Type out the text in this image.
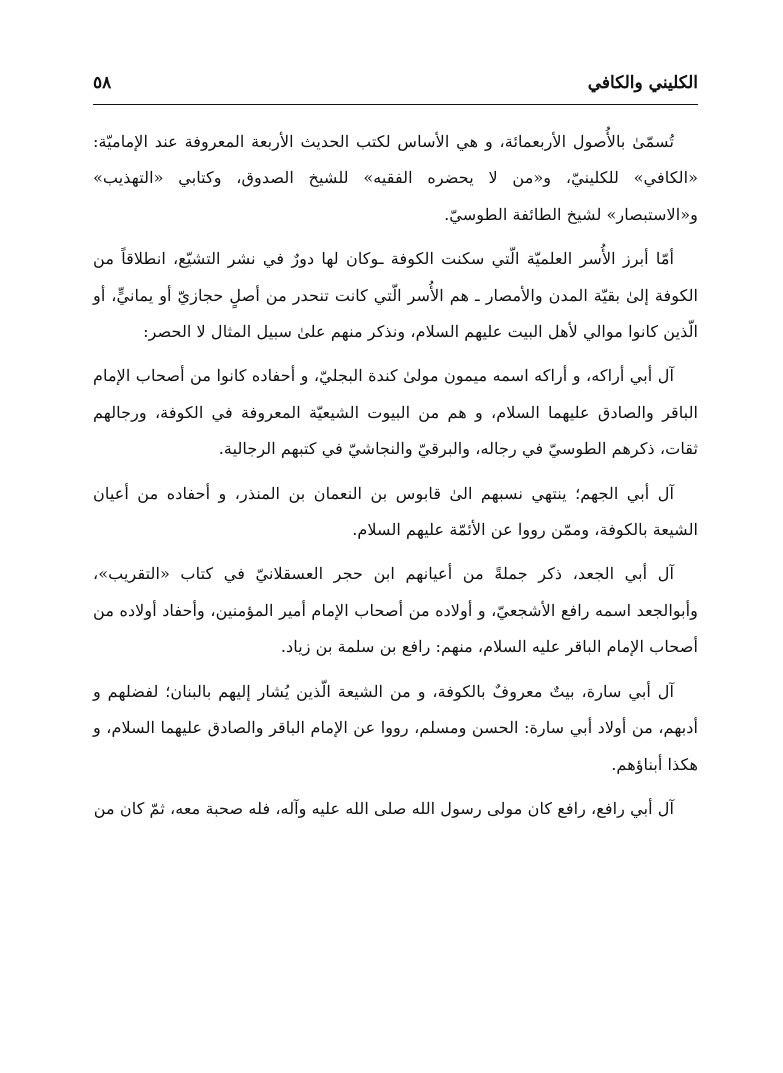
الكليني والكافي
٥٨

تُسمّىٰ بالأُصول الأربعمائة، و هي الأساس لكتب الحديث الأربعة المعروفة عند الإماميّة: «الكافي» للكلينيّ، و«من لا يحضره الفقيه» للشيخ الصدوق، وكتابي «التهذيب» و«الاستبصار» لشيخ الطائفة الطوسيّ.

أمّا أبرز الأُسر العلميّة الّتي سكنت الكوفة ـوكان لها دورٌ في نشر التشيّع، انطلاقاً من الكوفة إلىٰ بقيّة المدن والأمصار ـ هم الأُسر الّتي كانت تنحدر من أصلٍ حجازيّ أو يمانيٍّ، أو الّذين كانوا موالي لأهل البيت عليهم السلام، ونذكر منهم علىٰ سبيل المثال لا الحصر:

آل أبي أراكه، و أراكه اسمه ميمون مولىٰ كندة البجليّ، و أحفاده كانوا من أصحاب الإمام الباقر والصادق عليهما السلام، و هم من البيوت الشيعيّة المعروفة في الكوفة، ورجالهم ثقات، ذكرهم الطوسيّ في رجاله، والبرقيّ والنجاشيّ في كتبهم الرجالية.

آل أبي الجهم؛ ينتهي نسبهم الىٰ قابوس بن النعمان بن المنذر، و أحفاده من أعيان الشيعة بالكوفة، وممّن رووا عن الأئمّة عليهم السلام.

آل أبي الجعد، ذكر جملةً من أعيانهم ابن حجر العسقلانيّ في كتاب «التقريب»، وأبوالجعد اسمه رافع الأشجعيّ، و أولاده من أصحاب الإمام أمير المؤمنين، وأحفاد أولاده من أصحاب الإمام الباقر عليه السلام، منهم: رافع بن سلمة بن زياد.

آل أبي سارة، بيتٌ معروفٌ بالكوفة، و من الشيعة الّذين يُشار إليهم بالبنان؛ لفضلهم و أدبهم، من أولاد أبي سارة: الحسن ومسلم، رووا عن الإمام الباقر والصادق عليهما السلام، و هكذا أبناؤهم.

آل أبي رافع، رافع كان مولى رسول الله صلى الله عليه وآله، فله صحبة معه، ثمّ كان من
